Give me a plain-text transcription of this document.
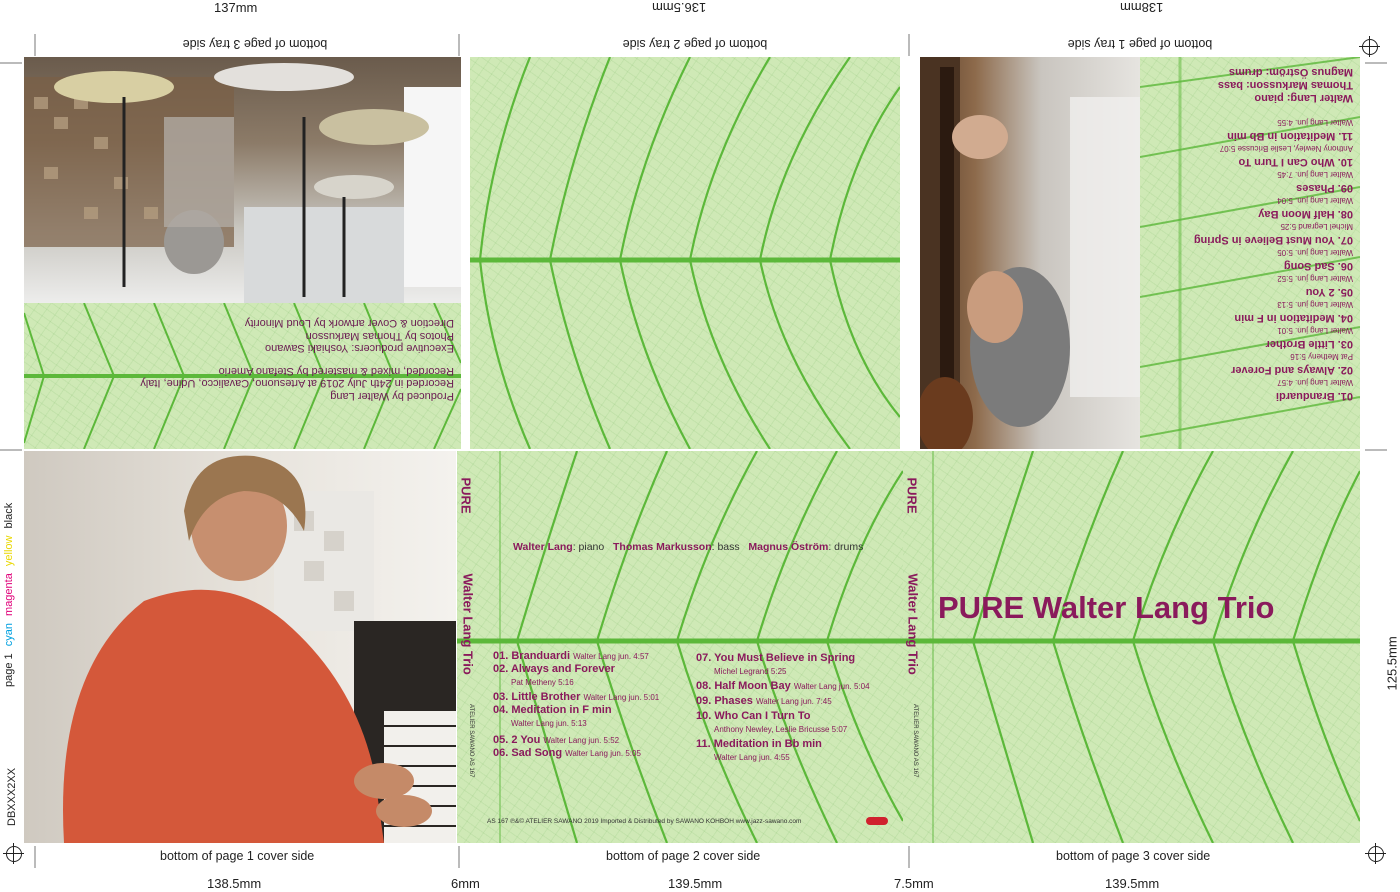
137mm	136.5mm	138mm
bottom of page 3 tray side	bottom of page 2 tray side	bottom of page 1 tray side
Produced by Walter Lang
Recorded in 24th July 2019 at Artesuono, Cavalicco, Udine, Italy
Recorded, mixed & mastered by Stefano Amerio
Executive producers: Yoshiaki Sawano
Photos by Thomas Markusson
Direction & Cover artwork by Loud Minority
01. Branduardi
Walter Lang jun. 4:57
02. Always and Forever
Pat Metheny 5:16
03. Little Brother
Walter Lang jun. 5:01
04. Meditation in F min
Walter Lang jun. 5:13
05. 2 You
Walter Lang jun. 5:52
06. Sad Song
Walter Lang jun. 5:05
07. You Must Believe in Spring
Michel Legrand 5:25
08. Half Moon Bay
Walter Lang jun. 5:04
09. Phases
Walter Lang jun. 7:45
10. Who Can I Turn To
Anthony Newley, Leslie Bricusse 5:07
11. Meditation in Bb min
Walter Lang jun. 4:55
Walter Lang: piano
Thomas Markusson: bass
Magnus Öström: drums
page 1 cyan magenta yellow black
DBXXX2XX
PURE
Walter Lang Trio
ATELIER SAWANO AS 167
Walter Lang: piano Thomas Markusson: bass Magnus Öström: drums
01. Branduardi Walter Lang jun. 4:57
02. Always and Forever
Pat Metheny 5:16
03. Little Brother Walter Lang jun. 5:01
04. Meditation in F min
Walter Lang jun. 5:13
05. 2 You Walter Lang jun. 5:52
06. Sad Song Walter Lang jun. 5:05
07. You Must Believe in Spring
Michel Legrand 5:25
08. Half Moon Bay Walter Lang jun. 5:04
09. Phases Walter Lang jun. 7:45
10. Who Can I Turn To
Anthony Newley, Leslie Bricusse 5:07
11. Meditation in Bb min
Walter Lang jun. 4:55
AS 167 ℗&© ATELIER SAWANO 2019 Imported & Distributed by SAWANO KOHBOH www.jazz-sawano.com
PURE
Walter Lang Trio
ATELIER SAWANO AS 167
PURE Walter Lang Trio
bottom of page 1 cover side	bottom of page 2 cover side	bottom of page 3 cover side
138.5mm	6mm	139.5mm	7.5mm	139.5mm
125.5mm
